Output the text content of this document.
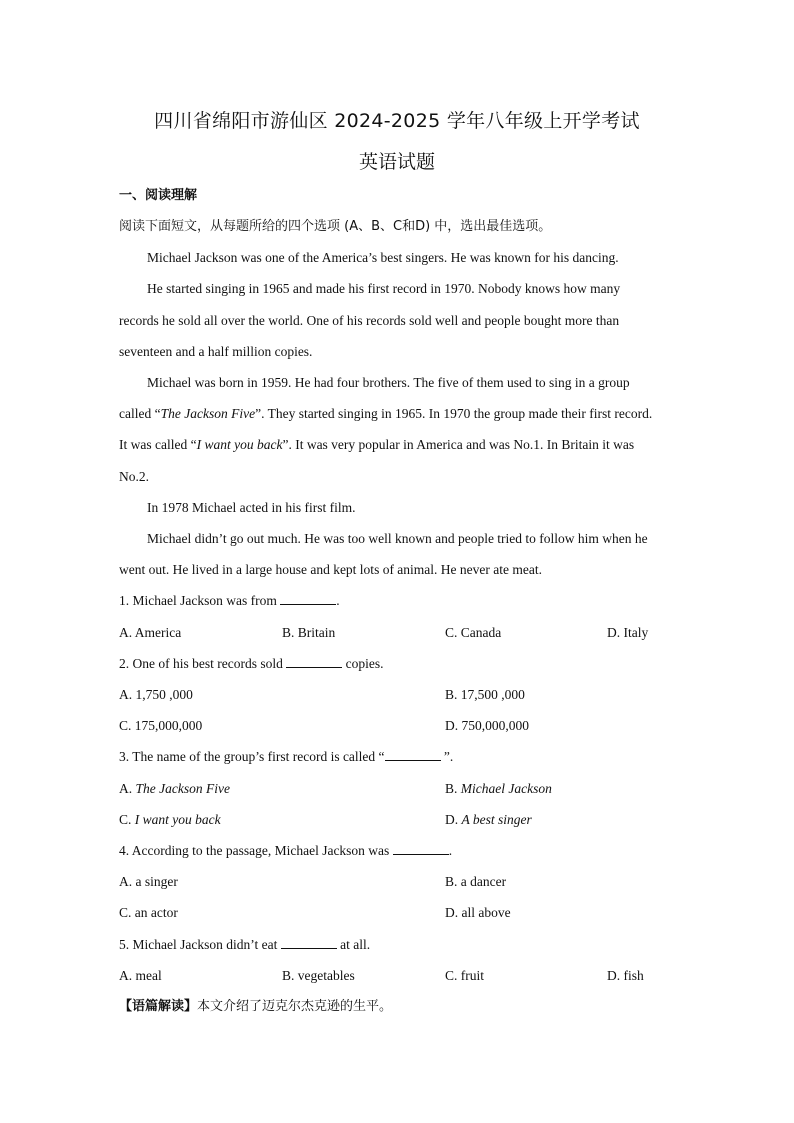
四川省绵阳市游仙区 2024-2025 学年八年级上开学考试
英语试题
一、阅读理解
阅读下面短文，从每题所给的四个选项 (A、B、C和D) 中，选出最佳选项。
Michael Jackson was one of the America’s best singers. He was known for his dancing.
He started singing in 1965 and made his first record in 1970. Nobody knows how many
records he sold all over the world. One of his records sold well and people bought more than
seventeen and a half million copies.
Michael was born in 1959. He had four brothers. The five of them used to sing in a group
called “The Jackson Five”. They started singing in 1965. In 1970 the group made their first record.
It was called “I want you back”. It was very popular in America and was No.1. In Britain it was
No.2.
In 1978 Michael acted in his first film.
Michael didn’t go out much. He was too well known and people tried to follow him when he
went out. He lived in a large house and kept lots of animal. He never ate meat.
1. Michael Jackson was from	.
A. America	B. Britain	C. Canada	D. Italy
2. One of his best records sold	copies.
A. 1,750 ,000	B. 17,500 ,000
C. 175,000,000	D. 750,000,000
3. The name of the group’s first record is called “	”.
A. The Jackson Five	B. Michael Jackson
C. I want you back	D. A best singer
4. According to the passage, Michael Jackson was	.
A. a singer	B. a dancer
C. an actor	D. all above
5. Michael Jackson didn’t eat	at all.
A. meal	B. vegetables	C. fruit	D. fish
【语篇解读】本文介绍了迈克尔杰克逊的生平。
